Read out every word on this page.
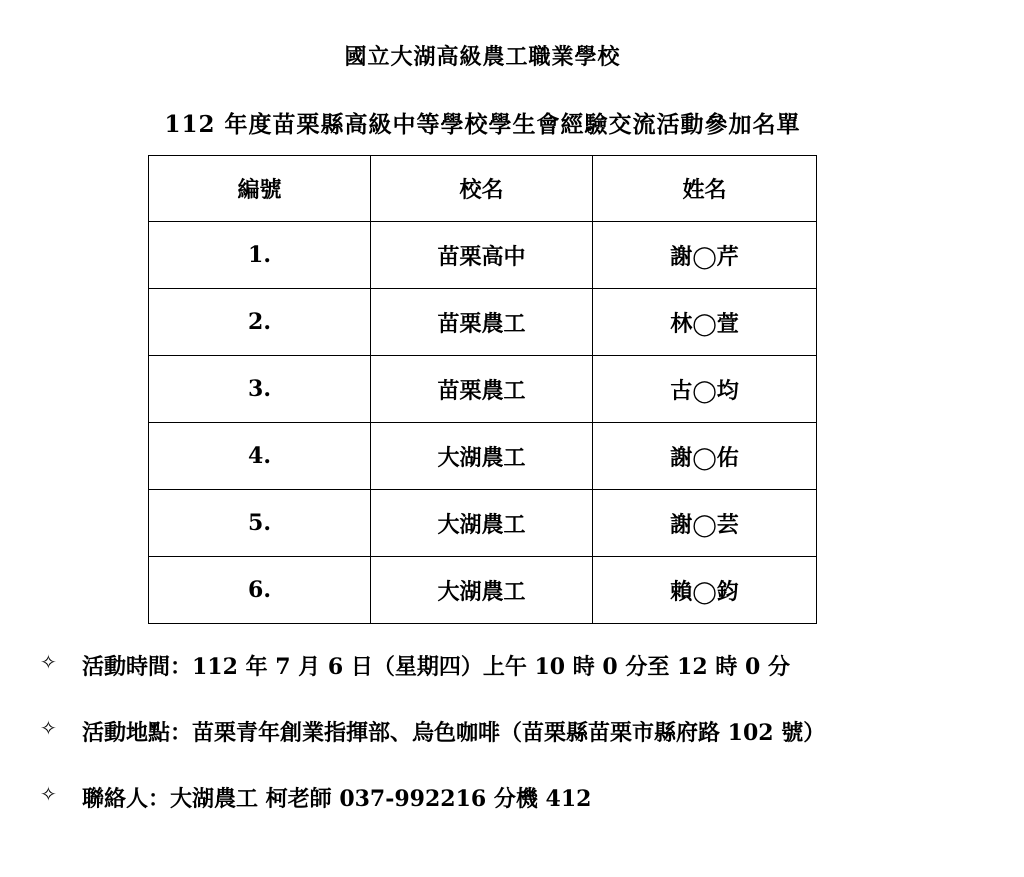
國立大湖高級農工職業學校
112 年度苗栗縣高級中等學校學生會經驗交流活動參加名單
編號	校名	姓名
1.	苗栗高中	謝◯芹
2.	苗栗農工	林◯萱
3.	苗栗農工	古◯均
4.	大湖農工	謝◯佑
5.	大湖農工	謝◯芸
6.	大湖農工	賴◯鈞
✧	活動時間：112 年 7 月 6 日（星期四）上午 10 時 0 分至 12 時 0 分
✧	活動地點：苗栗青年創業指揮部、烏色咖啡（苗栗縣苗栗市縣府路 102 號）
✧	聯絡人：大湖農工 柯老師 037-992216 分機 412
